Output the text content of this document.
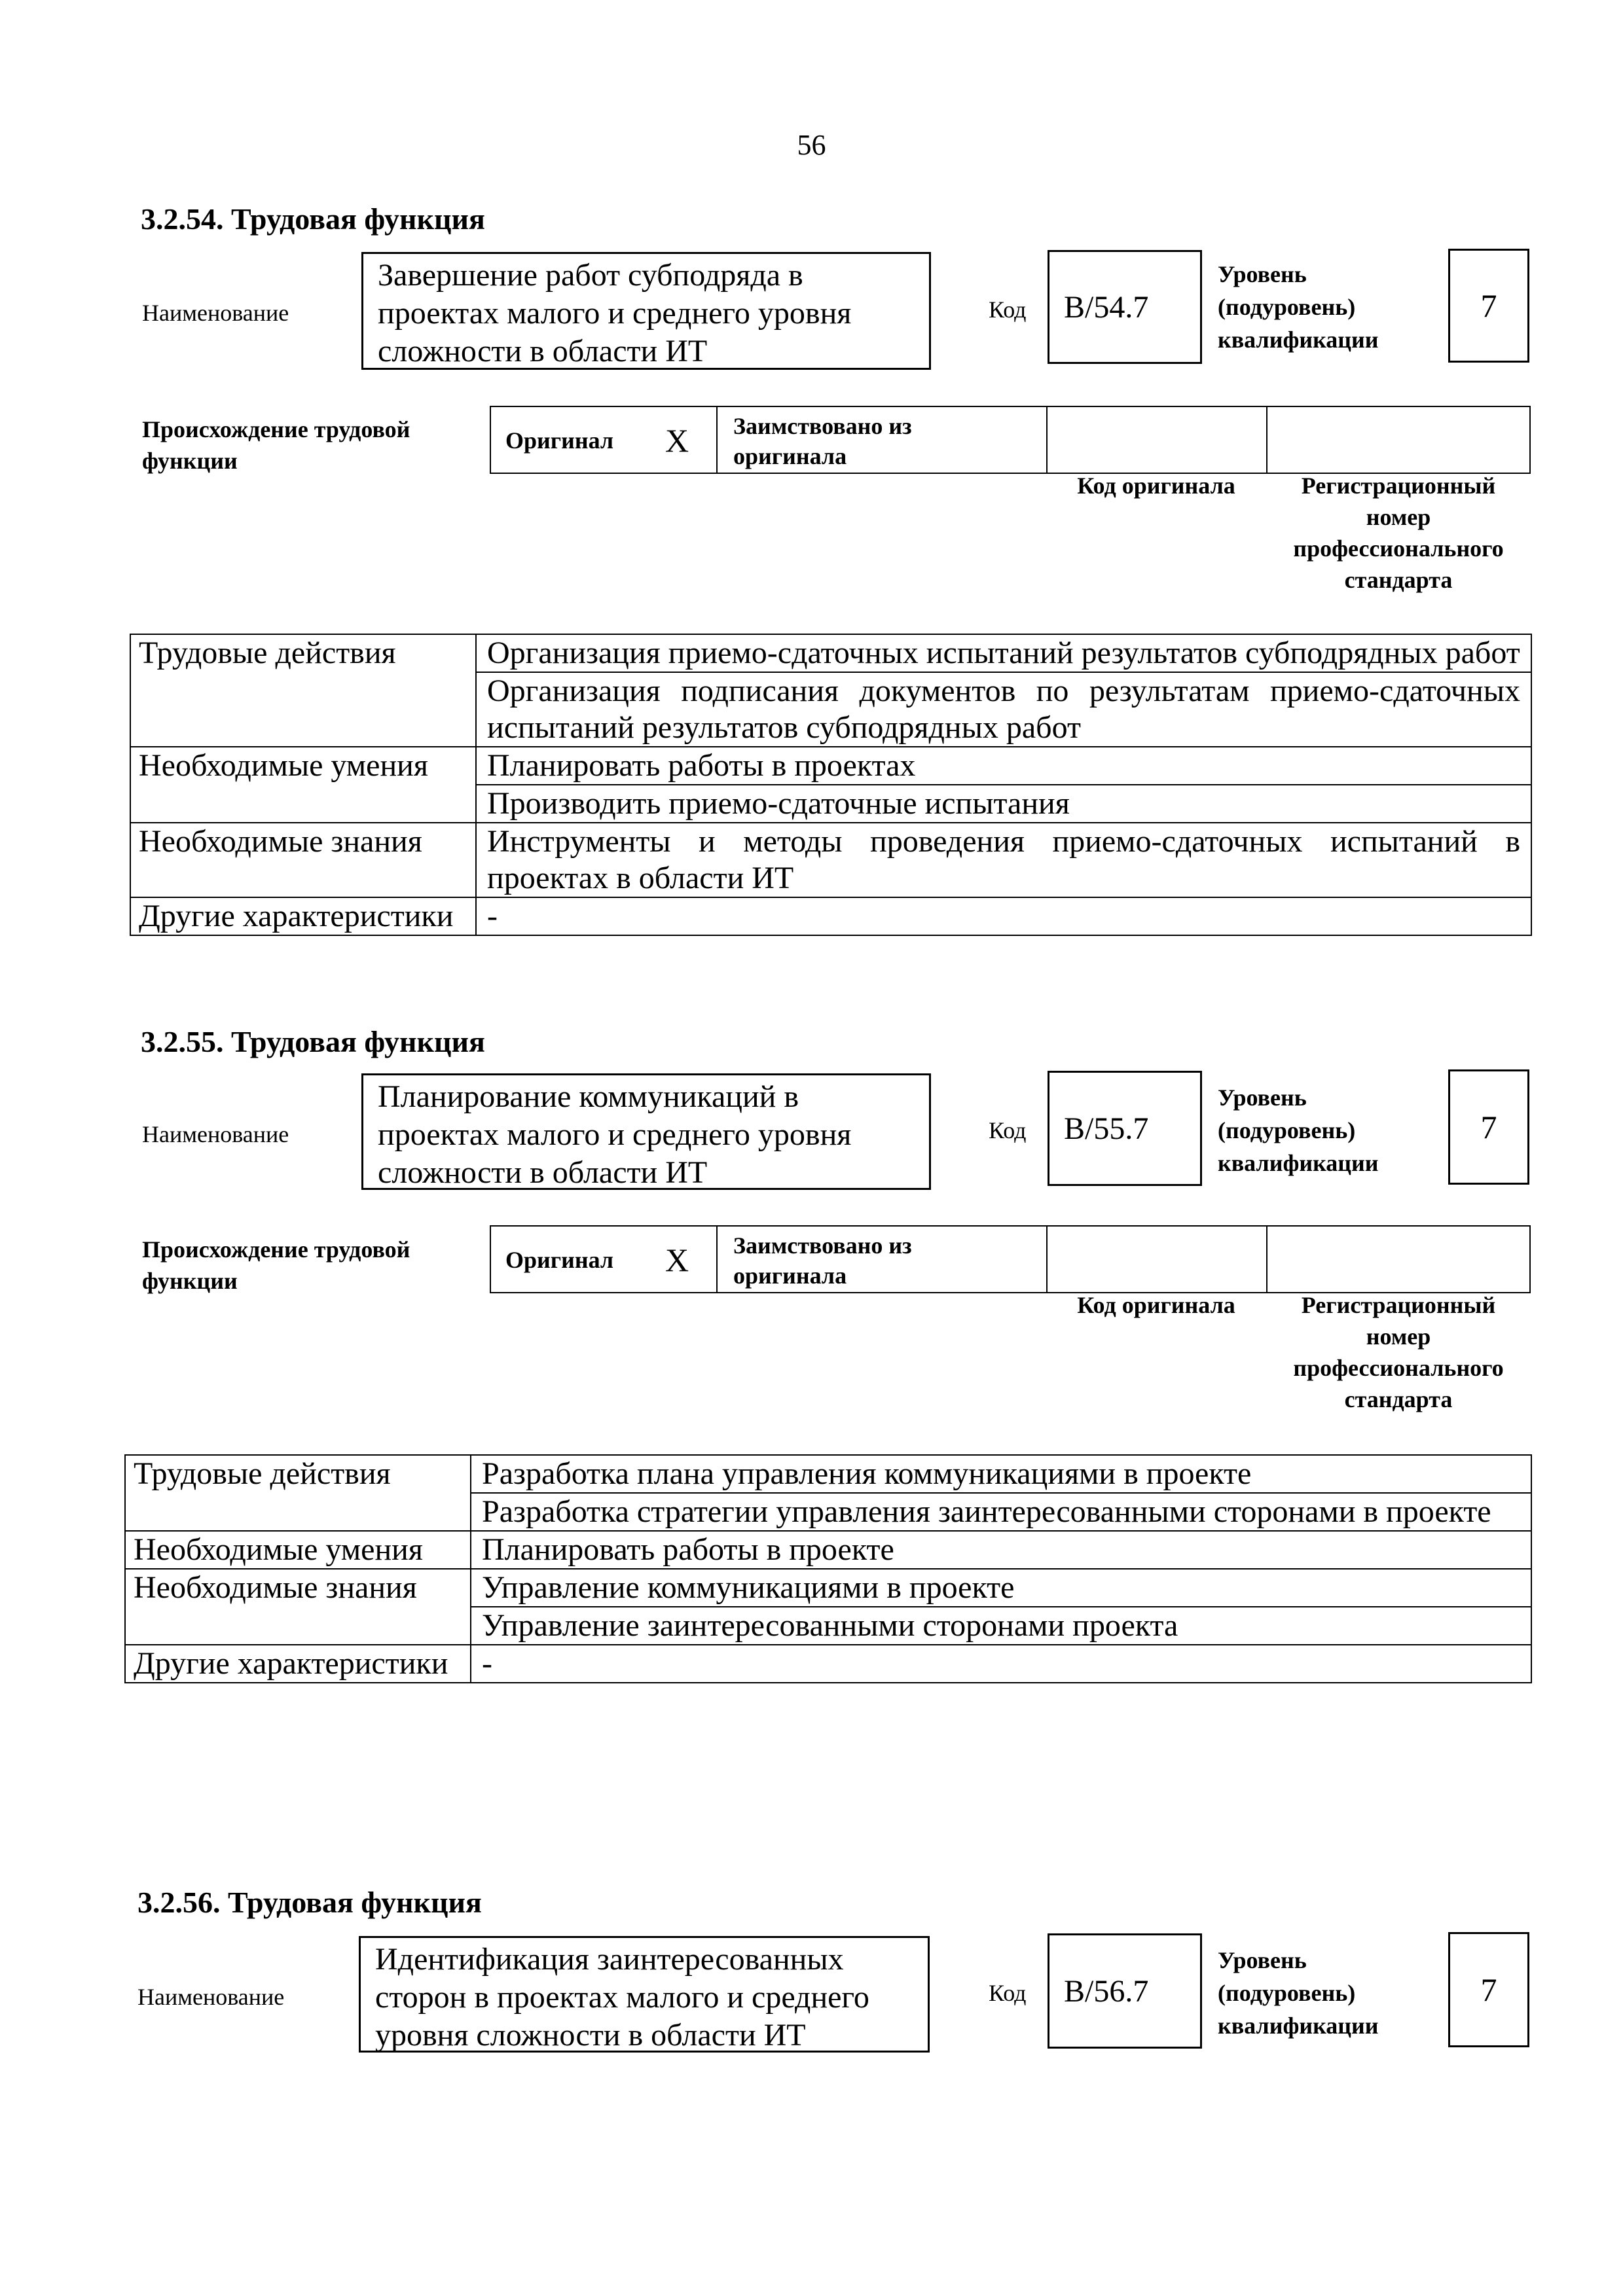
56
3.2.54. Трудовая функция
Наименование
Завершение работ субподряда в
проектах малого и среднего уровня
сложности в области ИТ
Код	B/54.7
Уровень
(подуровень)
квалификации
7
Происхождение трудовой
функции
Оригинал X Заимствовано из
оригинала
Код оригинала	Регистрационный
номер
профессионального
стандарта
Трудовые действия	Организация приемо-сдаточных испытаний результатов субподрядных работ
	Организация подписания документов по результатам приемо-сдаточных испытаний результатов субподрядных работ
Необходимые умения	Планировать работы в проектах
	Производить приемо-сдаточные испытания
Необходимые знания	Инструменты и методы проведения приемо-сдаточных испытаний в проектах в области ИТ
Другие характеристики	-
3.2.55. Трудовая функция
Наименование
Планирование коммуникаций в
проектах малого и среднего уровня
сложности в области ИТ
Код	B/55.7
Уровень
(подуровень)
квалификации
7
Происхождение трудовой
функции
Оригинал X Заимствовано из
оригинала
Код оригинала	Регистрационный
номер
профессионального
стандарта
Трудовые действия	Разработка плана управления коммуникациями в проекте
	Разработка стратегии управления заинтересованными сторонами в проекте
Необходимые умения	Планировать работы в проекте
Необходимые знания	Управление коммуникациями в проекте
	Управление заинтересованными сторонами проекта
Другие характеристики	-
3.2.56. Трудовая функция
Наименование
Идентификация заинтересованных
сторон в проектах малого и среднего
уровня сложности в области ИТ
Код	B/56.7
Уровень
(подуровень)
квалификации
7
